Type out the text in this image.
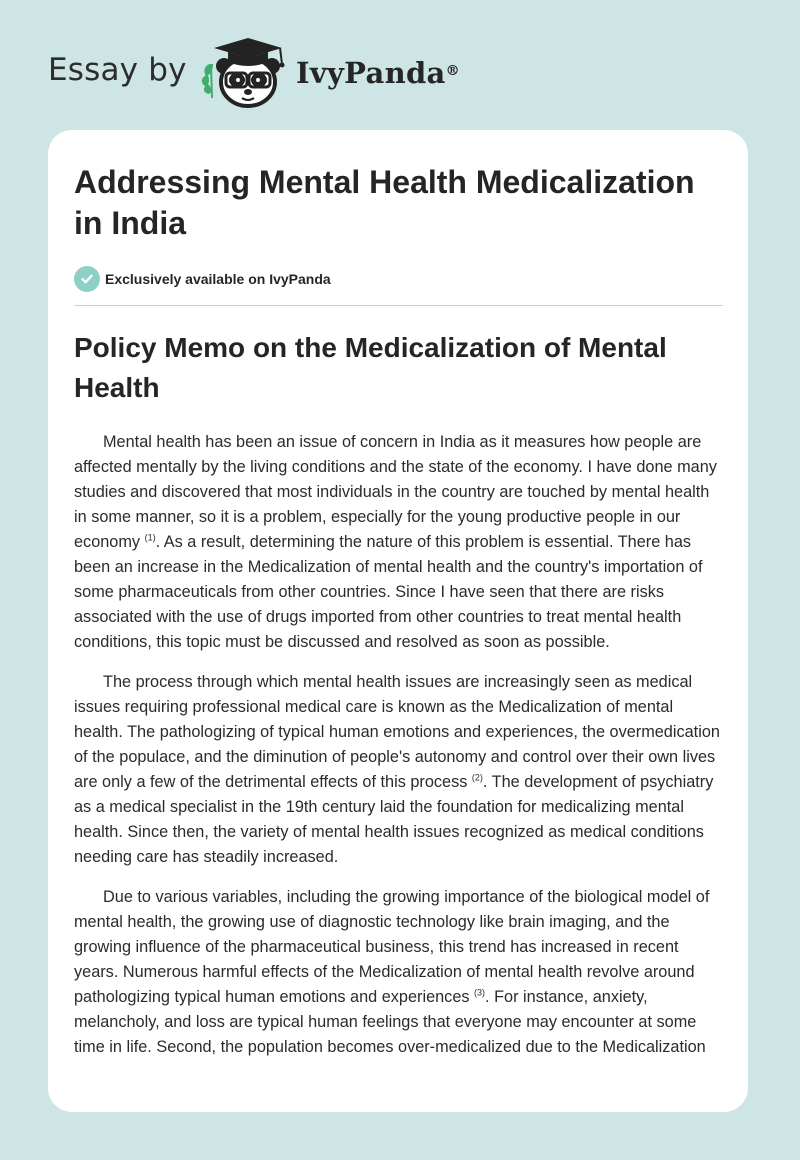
Essay by	IvyPanda®
Addressing Mental Health Medicalization in India
Exclusively available on IvyPanda
Policy Memo on the Medicalization of Mental Health

Mental health has been an issue of concern in India as it measures how people are affected mentally by the living conditions and the state of the economy. I have done many studies and discovered that most individuals in the country are touched by mental health in some manner, so it is a problem, especially for the young productive people in our economy $^{(1)}$. As a result, determining the nature of this problem is essential. There has been an increase in the Medicalization of mental health and the country's importation of some pharmaceuticals from other countries. Since I have seen that there are risks associated with the use of drugs imported from other countries to treat mental health conditions, this topic must be discussed and resolved as soon as possible.

The process through which mental health issues are increasingly seen as medical issues requiring professional medical care is known as the Medicalization of mental health. The pathologizing of typical human emotions and experiences, the overmedication of the populace, and the diminution of people's autonomy and control over their own lives are only a few of the detrimental effects of this process $^{(2)}$. The development of psychiatry as a medical specialist in the 19th century laid the foundation for medicalizing mental health. Since then, the variety of mental health issues recognized as medical conditions needing care has steadily increased.

Due to various variables, including the growing importance of the biological model of mental health, the growing use of diagnostic technology like brain imaging, and the growing influence of the pharmaceutical business, this trend has increased in recent years. Numerous harmful effects of the Medicalization of mental health revolve around pathologizing typical human emotions and experiences $^{(3)}$. For instance, anxiety, melancholy, and loss are typical human feelings that everyone may encounter at some time in life. Second, the population becomes over-medicalized due to the Medicalization
